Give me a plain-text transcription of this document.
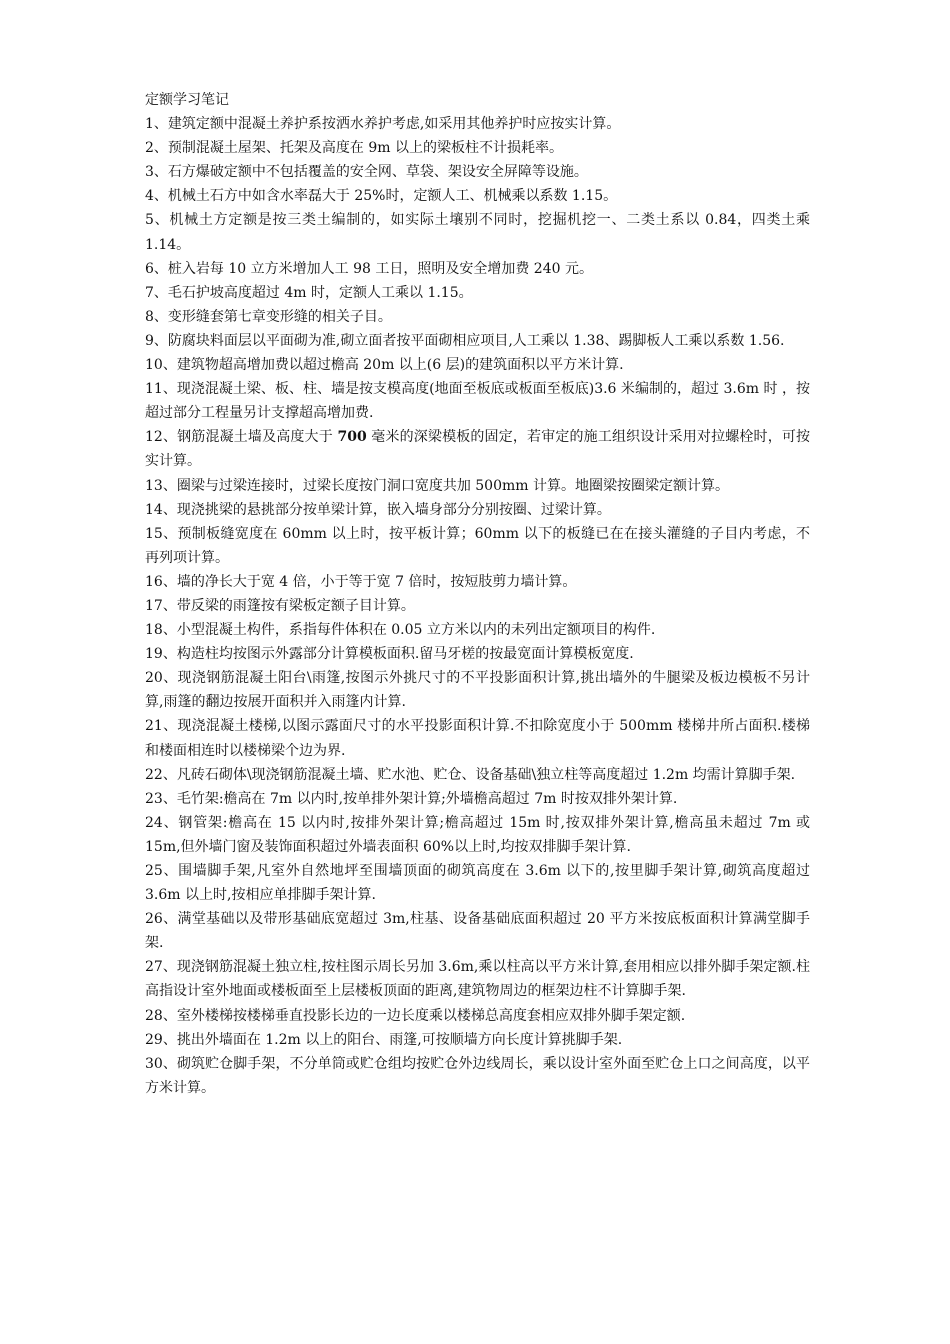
定额学习笔记

1、建筑定额中混凝土养护系按洒水养护考虑,如采用其他养护时应按实计算。

2、预制混凝土屋架、托架及高度在 9m 以上的梁板柱不计损耗率。

3、石方爆破定额中不包括覆盖的安全网、草袋、架设安全屏障等设施。

4、机械土石方中如含水率磊大于 25%时，定额人工、机械乘以系数 1.15。

5、机械土方定额是按三类土编制的，如实际土壤别不同时，挖掘机挖一、二类土系以 0.84，四类土乘 1.14。

6、桩入岩每 10 立方米增加人工 98 工日，照明及安全增加费 240 元。

7、毛石护坡高度超过 4m 时，定额人工乘以 1.15。

8、变形缝套第七章变形缝的相关子目。

9、防腐块料面层以平面砌为准,砌立面者按平面砌相应项目,人工乘以 1.38、踢脚板人工乘以系数 1.56.

10、建筑物超高增加费以超过檐高 20m 以上(6 层)的建筑面积以平方米计算.

11、现浇混凝土梁、板、柱、墙是按支模高度(地面至板底或板面至板底)3.6 米编制的，超过 3.6m 时 ，按超过部分工程量另计支撑超高增加费.

12、钢筋混凝土墙及高度大于 700 毫米的深梁模板的固定，若审定的施工组织设计采用对拉螺栓时，可按实计算。

13、圈梁与过梁连接时，过梁长度按门洞口宽度共加 500mm 计算。地圈梁按圈梁定额计算。

14、现浇挑梁的悬挑部分按单梁计算，嵌入墙身部分分别按圈、过梁计算。

15、预制板缝宽度在 60mm 以上时，按平板计算；60mm 以下的板缝已在在接头灌缝的子目内考虑，不再列项计算。

16、墙的净长大于宽 4 倍，小于等于宽 7 倍时，按短肢剪力墙计算。

17、带反梁的雨篷按有梁板定额子目计算。

18、小型混凝土构件，系指每件体积在 0.05 立方米以内的未列出定额项目的构件.

19、构造柱均按图示外露部分计算模板面积.留马牙槎的按最宽面计算模板宽度.

20、现浇钢筋混凝土阳台\雨篷,按图示外挑尺寸的不平投影面积计算,挑出墙外的牛腿梁及板边模板不另计算,雨篷的翻边按展开面积并入雨篷内计算.

21、现浇混凝土楼梯,以图示露面尺寸的水平投影面积计算.不扣除宽度小于 500mm 楼梯井所占面积.楼梯和楼面相连时以楼梯梁个边为界.

22、凡砖石砌体\现浇钢筋混凝土墙、贮水池、贮仓、设备基础\独立柱等高度超过 1.2m 均需计算脚手架.

23、毛竹架:檐高在 7m 以内时,按单排外架计算;外墙檐高超过 7m 时按双排外架计算.

24、钢管架:檐高在 15 以内时,按排外架计算;檐高超过 15m 时,按双排外架计算,檐高虽未超过 7m 或 15m,但外墙门窗及装饰面积超过外墙表面积 60%以上时,均按双排脚手架计算.

25、围墙脚手架,凡室外自然地坪至围墙顶面的砌筑高度在 3.6m 以下的,按里脚手架计算,砌筑高度超过 3.6m 以上时,按相应单排脚手架计算.

26、满堂基础以及带形基础底宽超过 3m,柱基、设备基础底面积超过 20 平方米按底板面积计算满堂脚手架.

27、现浇钢筋混凝土独立柱,按柱图示周长另加 3.6m,乘以柱高以平方米计算,套用相应以排外脚手架定额.柱高指设计室外地面或楼板面至上层楼板顶面的距离,建筑物周边的框架边柱不计算脚手架.

28、室外楼梯按楼梯垂直投影长边的一边长度乘以楼梯总高度套相应双排外脚手架定额.

29、挑出外墙面在 1.2m 以上的阳台、雨篷,可按顺墙方向长度计算挑脚手架.

30、砌筑贮仓脚手架，不分单筒或贮仓组均按贮仓外边线周长，乘以设计室外面至贮仓上口之间高度，以平方米计算。
